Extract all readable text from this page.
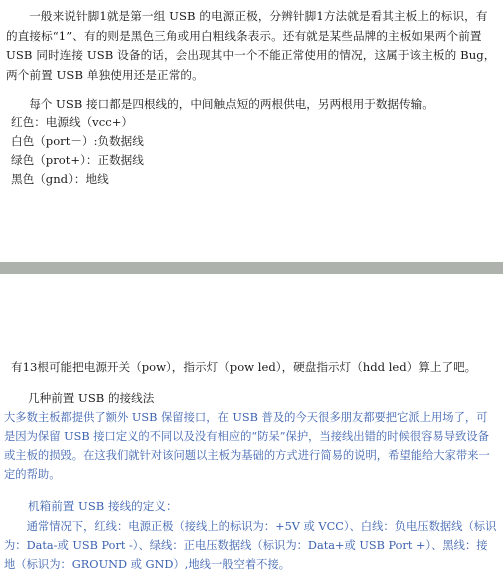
一般来说针脚1就是第一组 USB 的电源正极，分辨针脚1方法就是看其主板上的标识，有的直接标“1”、有的则是黑色三角或用白粗线条表示。还有就是某些品牌的主板如果两个前置 USB 同时连接 USB 设备的话，会出现其中一个不能正常使用的情况，这属于该主板的 Bug，两个前置 USB 单独使用还是正常的。

每个 USB 接口都是四根线的，中间触点短的两根供电，另两根用于数据传输。

红色：电源线（vcc+）
白色（port－）:负数据线
绿色（prot+）：正数据线
黑色（gnd）：地线

有13根可能把电源开关（pow），指示灯（pow led），硬盘指示灯（hdd led）算上了吧。

几种前置 USB 的接线法

大多数主板都提供了额外 USB 保留接口，在 USB 普及的今天很多朋友都要把它派上用场了，可是因为保留 USB 接口定义的不同以及没有相应的“防呆”保护，当接线出错的时候很容易导致设备或主板的损毁。在这我们就针对该问题以主板为基础的方式进行简易的说明，希望能给大家带来一定的帮助。

机箱前置 USB 接线的定义：

通常情况下，红线：电源正极（接线上的标识为：+5V 或 VCC）、白线：负电压数据线（标识为：Data-或 USB Port -）、绿线：正电压数据线（标识为：Data+或 USB Port +）、黑线：接地（标识为：GROUND 或 GND）,地线一般空着不接。
